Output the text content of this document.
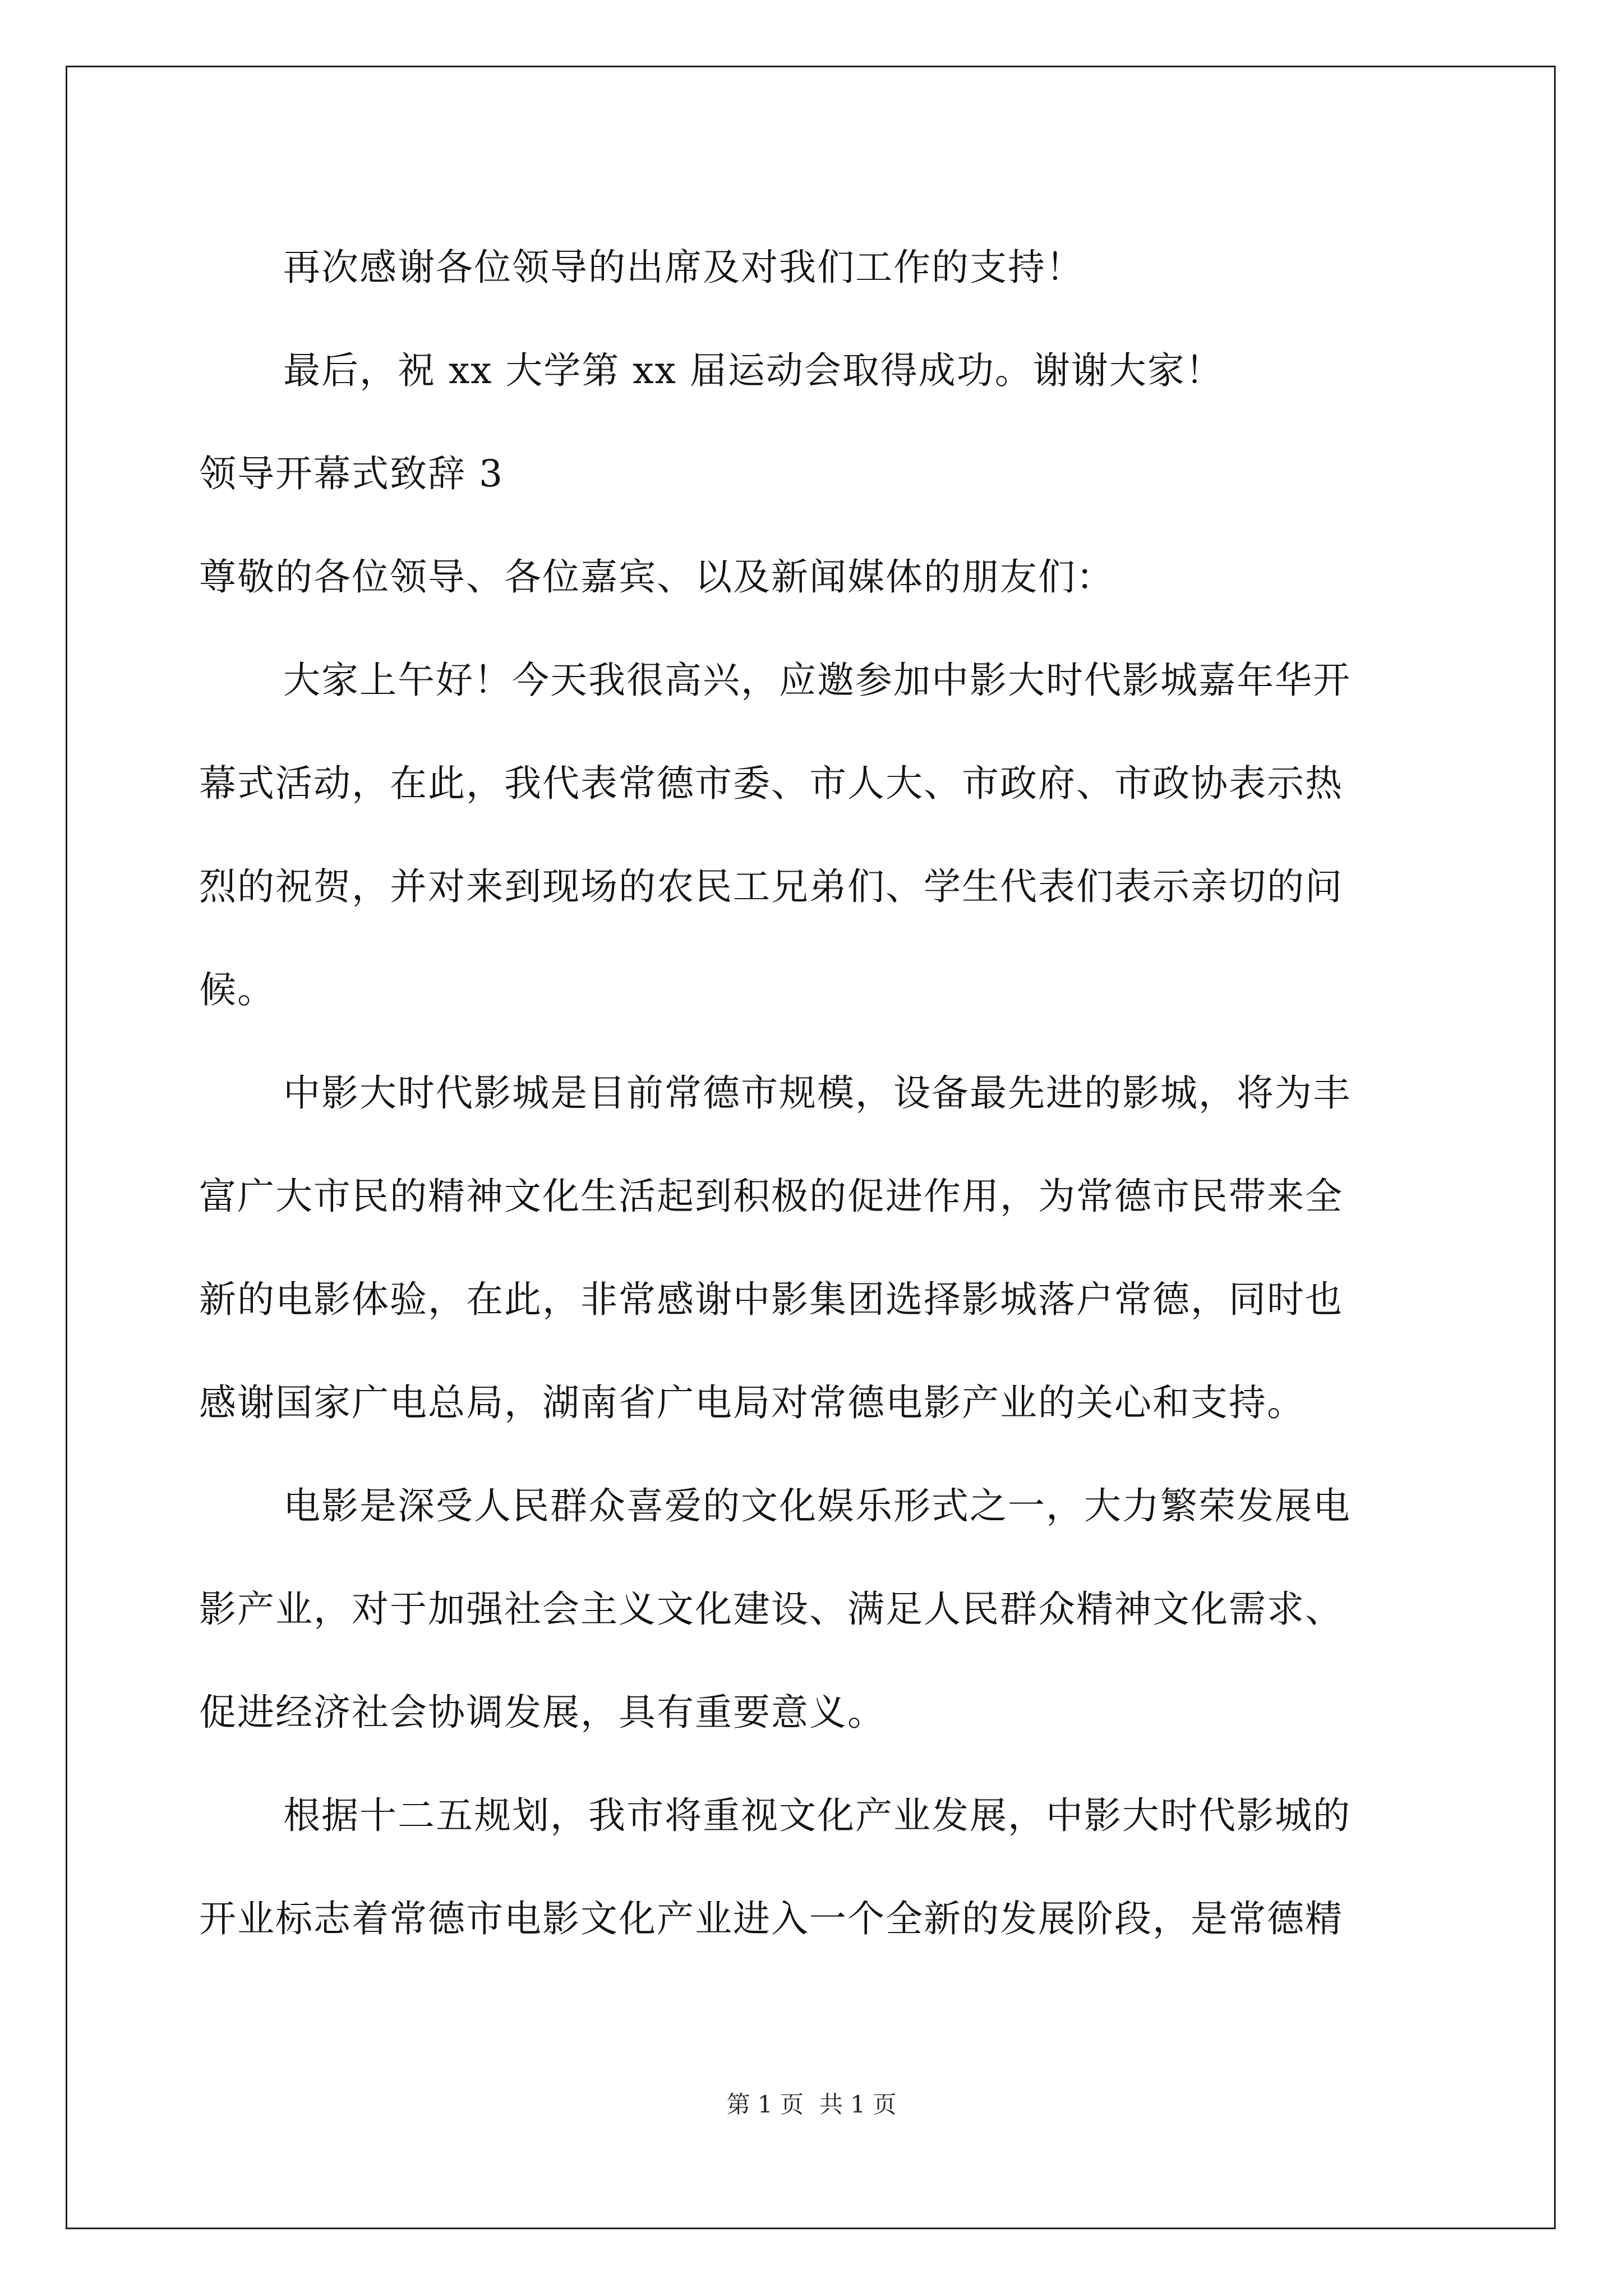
再次感谢各位领导的出席及对我们工作的支持！
最后，祝 xx 大学第 xx 届运动会取得成功。谢谢大家！
领导开幕式致辞 3
尊敬的各位领导、各位嘉宾、以及新闻媒体的朋友们：
大家上午好！今天我很高兴，应邀参加中影大时代影城嘉年华开
幕式活动，在此，我代表常德市委、市人大、市政府、市政协表示热
烈的祝贺，并对来到现场的农民工兄弟们、学生代表们表示亲切的问
候。
中影大时代影城是目前常德市规模，设备最先进的影城，将为丰
富广大市民的精神文化生活起到积极的促进作用，为常德市民带来全
新的电影体验，在此，非常感谢中影集团选择影城落户常德，同时也
感谢国家广电总局，湖南省广电局对常德电影产业的关心和支持。
电影是深受人民群众喜爱的文化娱乐形式之一，大力繁荣发展电
影产业，对于加强社会主义文化建设、满足人民群众精神文化需求、
促进经济社会协调发展，具有重要意义。
根据十二五规划，我市将重视文化产业发展，中影大时代影城的
开业标志着常德市电影文化产业进入一个全新的发展阶段，是常德精
第 1 页 共 1 页
